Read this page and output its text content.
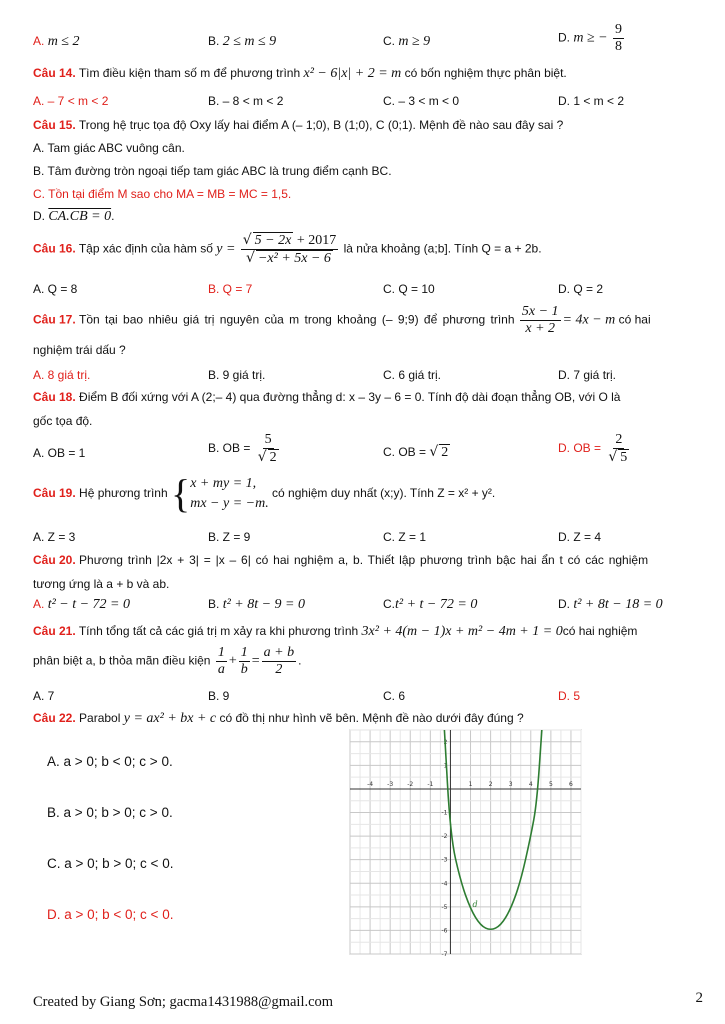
A. m ≤ 2	B. 2 ≤ m ≤ 9	C. m ≥ 9	D. m ≥ − $\frac{9}{8}$
Câu 14. Tìm điều kiện tham số m để phương trình x² − 6|x| + 2 = m có bốn nghiệm thực phân biệt.
A. – 7 < m < 2	B. – 8 < m < 2	C. – 3 < m < 0	D. 1 < m < 2
Câu 15. Trong hệ trục tọa độ Oxy lấy hai điểm A (– 1;0), B (1;0), C (0;1). Mệnh đề nào sau đây sai ?
A. Tam giác ABC vuông cân.
B. Tâm đường tròn ngoại tiếp tam giác ABC là trung điểm cạnh BC.
C. Tồn tại điểm M sao cho MA = MB = MC = 1,5.
D. CA.CB = 0.
Câu 16. Tập xác định của hàm số $y = \frac{√ 5 - 2x + 2017}{\text{√ −x² + 5x − 6}}$ là nửa khoảng (a;b]. Tính Q = a + 2b.
A. Q = 8	B. Q = 7	C. Q = 10	D. Q = 2
Câu 17. Tồn tại bao nhiêu giá trị nguyên của m trong khoảng (– 9;9) để phương trình $\frac{5x - 1}{x + 2} = 4x - m$ có hai
nghiệm trái dấu ?
A. 8 giá trị.	B. 9 giá trị.	C. 6 giá trị.	D. 7 giá trị.
Câu 18. Điểm B đối xứng với A (2;– 4) qua đường thẳng d: x – 3y – 6 = 0. Tính độ dài đoạn thẳng OB, với O là
gốc tọa độ.
A. OB = 1	B. OB = $\frac{5}{√ 2}$	C. OB = √ 2	D. OB = $\frac{2}{√ 5}$
Câu 19. Hệ phương trình {x + my = 1,
mx − y = −m. có nghiệm duy nhất (x;y). Tính Z = x² + y².
A. Z = 3	B. Z = 9	C. Z = 1	D. Z = 4
Câu 20. Phương trình |2x + 3| = |x – 6| có hai nghiệm a, b. Thiết lập phương trình bậc hai ẩn t có các nghiệm
tương ứng là a + b và ab.
A. t² − t − 72 = 0	B. t² + 8t − 9 = 0	C.t² + t − 72 = 0	D. t² + 8t − 18 = 0
Câu 21. Tính tổng tất cả các giá trị m xảy ra khi phương trình 3x² + 4(m − 1)x + m² − 4m + 1 = 0có hai nghiệm
phân biệt a, b thỏa mãn điều kiện $\frac{1}{a} + \frac{1}{b} = \frac{a + b}{2}$ .
A. 7	B. 9	C. 6	D. 5
Câu 22. Parabol y = ax² + bx + c có đồ thị như hình vẽ bên. Mệnh đề nào dưới đây đúng ?
A. a > 0; b < 0; c > 0.
B. a > 0; b > 0; c > 0.
C. a > 0; b > 0; c < 0.
D. a > 0; b < 0; c < 0.
-4 -3 -2 -1	1	2	3	4	5	6
2
1
-1
-2
-3
-4
-5
-6
-7
d
Created by Giang Sơn; gacma1431988@gmail.com	2
